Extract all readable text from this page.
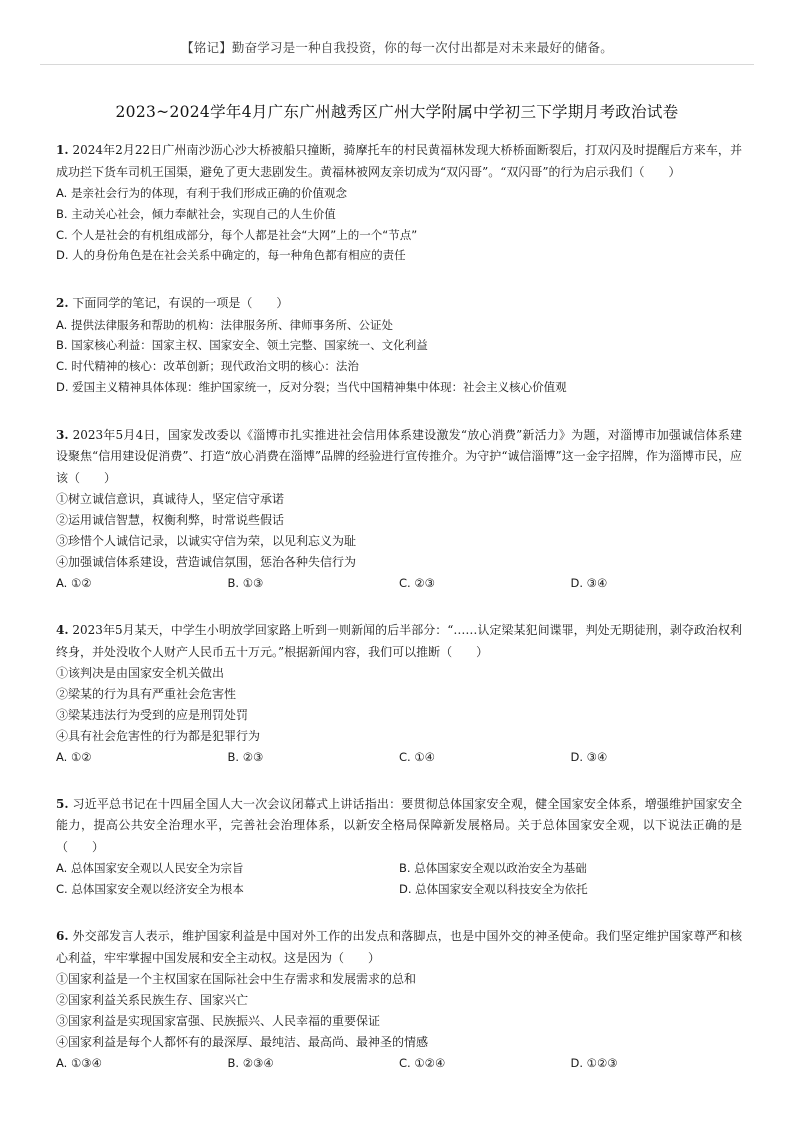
【铭记】勤奋学习是一种自我投资，你的每一次付出都是对未来最好的储备。
2023~2024学年4月广东广州越秀区广州大学附属中学初三下学期月考政治试卷

1. 2024年2月22日广州南沙沥心沙大桥被船只撞断，骑摩托车的村民黄福林发现大桥桥面断裂后，打双闪及时提醒后方来车，并成功拦下货车司机王国渠，避免了更大悲剧发生。黄福林被网友亲切成为“双闪哥”。“双闪哥”的行为启示我们（　　）

A. 是亲社会行为的体现，有利于我们形成正确的价值观念

B. 主动关心社会，倾力奉献社会，实现自己的人生价值

C. 个人是社会的有机组成部分，每个人都是社会“大网”上的一个“节点”

D. 人的身份角色是在社会关系中确定的，每一种角色都有相应的责任

2. 下面同学的笔记，有误的一项是（　　）

A. 提供法律服务和帮助的机构：法律服务所、律师事务所、公证处

B. 国家核心利益：国家主权、国家安全、领土完整、国家统一、文化利益

C. 时代精神的核心：改革创新；现代政治文明的核心：法治

D. 爱国主义精神具体体现：维护国家统一，反对分裂；当代中国精神集中体现：社会主义核心价值观

3. 2023年5月4日，国家发改委以《淄博市扎实推进社会信用体系建设激发“放心消费”新活力》为题，对淄博市加强诚信体系建设聚焦“信用建设促消费”、打造“放心消费在淄博”品牌的经验进行宣传推介。为守护“诚信淄博”这一金字招牌，作为淄博市民，应该（　　）

①树立诚信意识，真诚待人，坚定信守承诺

②运用诚信智慧，权衡利弊，时常说些假话

③珍惜个人诚信记录，以诚实守信为荣，以见利忘义为耻

④加强诚信体系建设，营造诚信氛围，惩治各种失信行为

A. ①②	B. ①③	C. ②③	D. ③④

4. 2023年5月某天，中学生小明放学回家路上听到一则新闻的后半部分：“……认定梁某犯间谍罪，判处无期徒刑，剥夺政治权利终身，并处没收个人财产人民币五十万元。”根据新闻内容，我们可以推断（　　）

①该判决是由国家安全机关做出

②梁某的行为具有严重社会危害性

③梁某违法行为受到的应是刑罚处罚

④具有社会危害性的行为都是犯罪行为

A. ①②	B. ②③	C. ①④	D. ③④

5. 习近平总书记在十四届全国人大一次会议闭幕式上讲话指出：要贯彻总体国家安全观，健全国家安全体系，增强维护国家安全能力，提高公共安全治理水平，完善社会治理体系，以新安全格局保障新发展格局。关于总体国家安全观，以下说法正确的是（　　）

A. 总体国家安全观以人民安全为宗旨	B. 总体国家安全观以政治安全为基础
C. 总体国家安全观以经济安全为根本	D. 总体国家安全观以科技安全为依托

6. 外交部发言人表示，维护国家利益是中国对外工作的出发点和落脚点，也是中国外交的神圣使命。我们坚定维护国家尊严和核心利益，牢牢掌握中国发展和安全主动权。这是因为（　　）

①国家利益是一个主权国家在国际社会中生存需求和发展需求的总和

②国家利益关系民族生存、国家兴亡

③国家利益是实现国家富强、民族振兴、人民幸福的重要保证

④国家利益是每个人都怀有的最深厚、最纯洁、最高尚、最神圣的情感

A. ①③④	B. ②③④	C. ①②④	D. ①②③
